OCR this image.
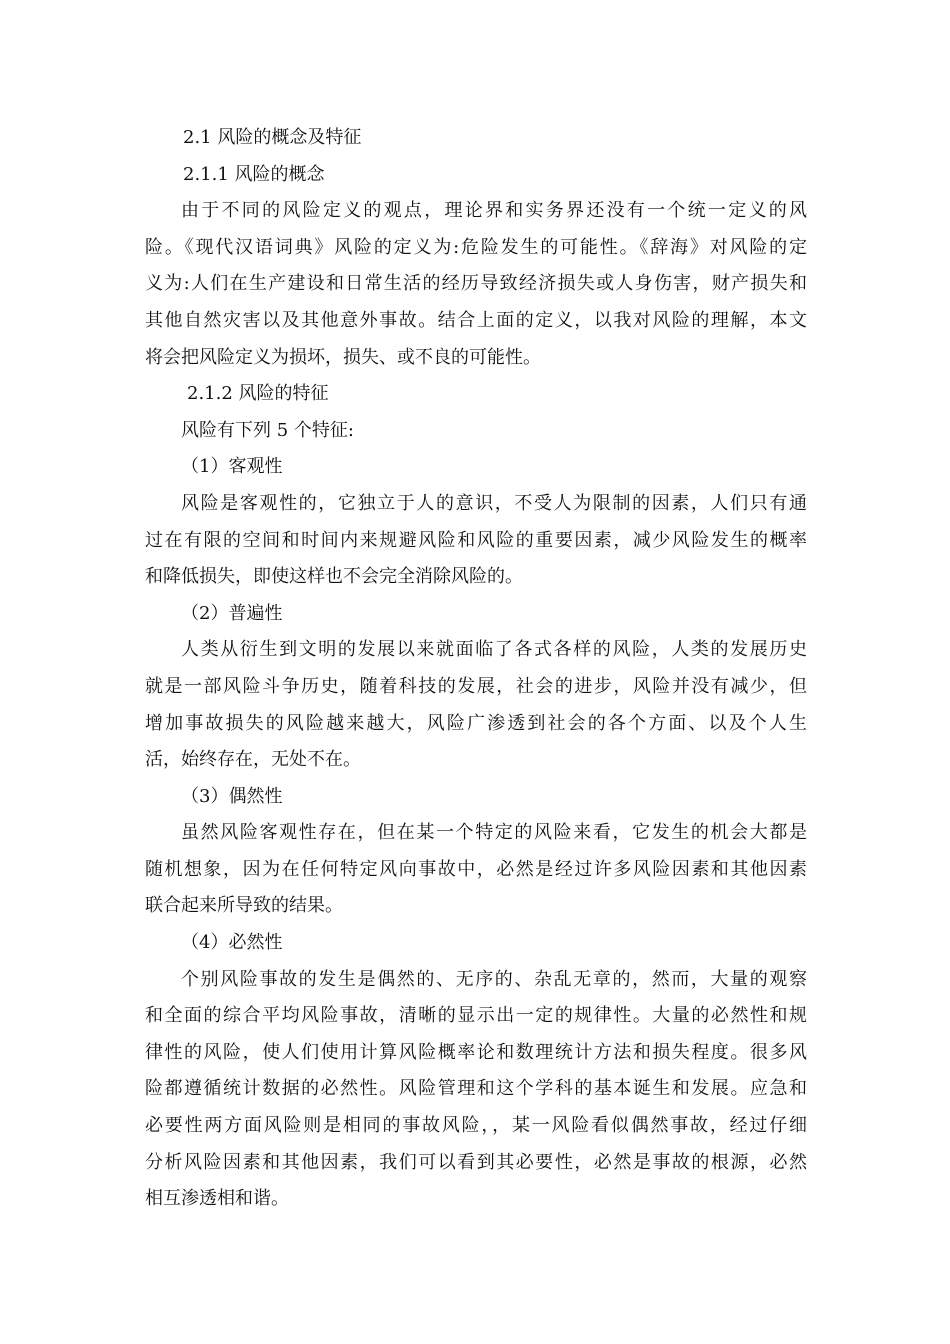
2.1 风险的概念及特征
2.1.1 风险的概念
由于不同的风险定义的观点，理论界和实务界还没有一个统一定义的风
险。《现代汉语词典》风险的定义为:危险发生的可能性。《辞海》对风险的定
义为:人们在生产建设和日常生活的经历导致经济损失或人身伤害，财产损失和
其他自然灾害以及其他意外事故。结合上面的定义，以我对风险的理解，本文
将会把风险定义为损坏，损失、或不良的可能性。
2.1.2 风险的特征
风险有下列 5 个特征:
（1）客观性
风险是客观性的，它独立于人的意识，不受人为限制的因素，人们只有通
过在有限的空间和时间内来规避风险和风险的重要因素，减少风险发生的概率
和降低损失，即使这样也不会完全消除风险的。
（2）普遍性
人类从衍生到文明的发展以来就面临了各式各样的风险，人类的发展历史
就是一部风险斗争历史，随着科技的发展，社会的进步，风险并没有减少，但
增加事故损失的风险越来越大，风险广渗透到社会的各个方面、以及个人生
活，始终存在，无处不在。
（3）偶然性
虽然风险客观性存在，但在某一个特定的风险来看，它发生的机会大都是
随机想象，因为在任何特定风向事故中，必然是经过许多风险因素和其他因素
联合起来所导致的结果。
（4）必然性
个别风险事故的发生是偶然的、无序的、杂乱无章的，然而，大量的观察
和全面的综合平均风险事故，清晰的显示出一定的规律性。大量的必然性和规
律性的风险，使人们使用计算风险概率论和数理统计方法和损失程度。很多风
险都遵循统计数据的必然性。风险管理和这个学科的基本诞生和发展。应急和
必要性两方面风险则是相同的事故风险，，某一风险看似偶然事故，经过仔细
分析风险因素和其他因素，我们可以看到其必要性，必然是事故的根源，必然
相互渗透相和谐。
